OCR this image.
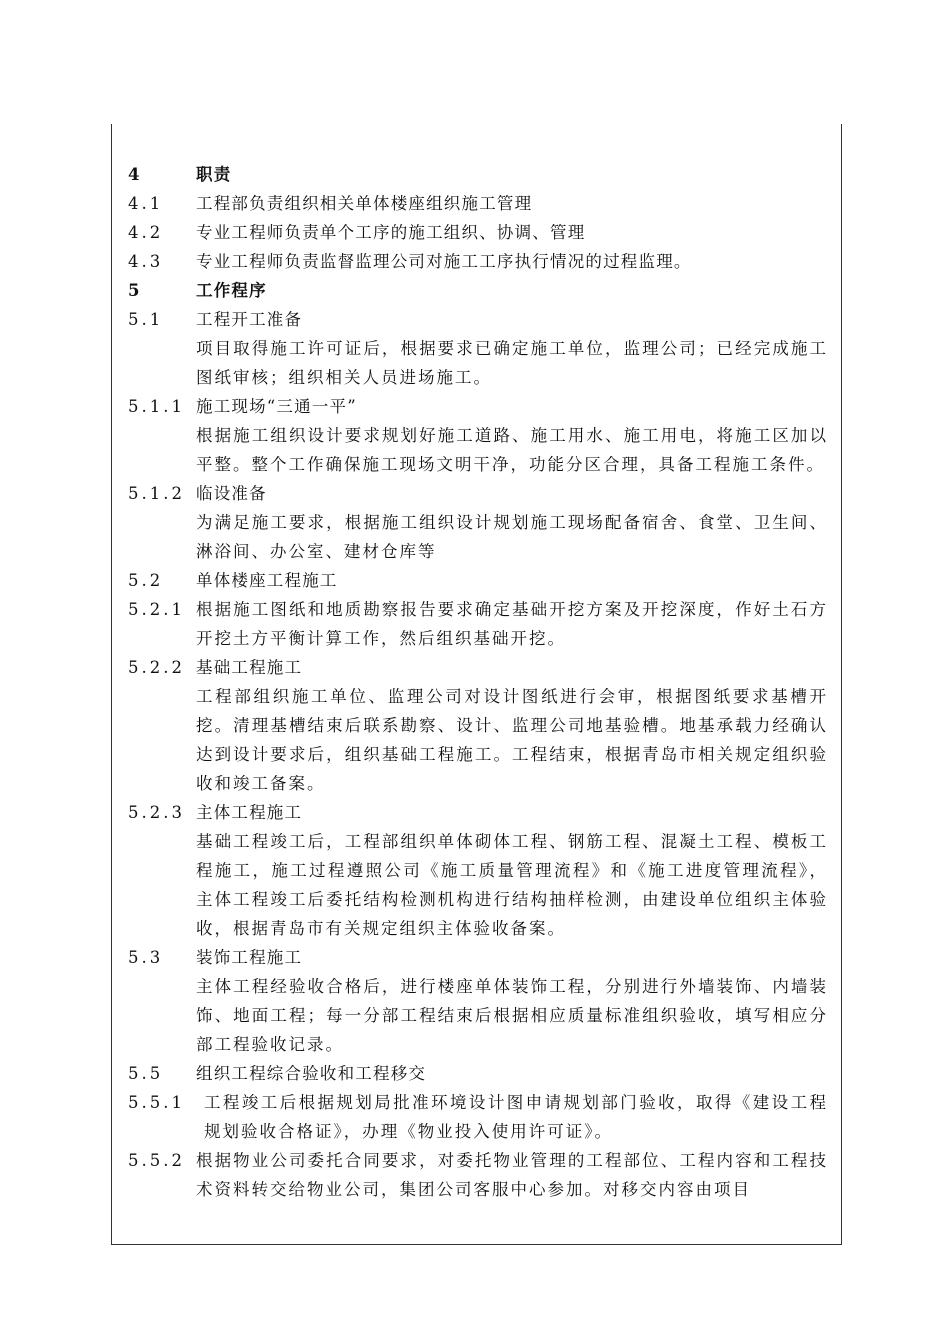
4	职责
4.1	工程部负责组织相关单体楼座组织施工管理
4.2	专业工程师负责单个工序的施工组织、协调、管理
4.3	专业工程师负责监督监理公司对施工工序执行情况的过程监理。
5	工作程序
5.1	工程开工准备
项目取得施工许可证后，根据要求已确定施工单位，监理公司；已经完成施工图纸审核；组织相关人员进场施工。
5.1.1 施工现场“三通一平”
根据施工组织设计要求规划好施工道路、施工用水、施工用电，将施工区加以平整。整个工作确保施工现场文明干净，功能分区合理，具备工程施工条件。
5.1.2 临设准备
为满足施工要求，根据施工组织设计规划施工现场配备宿舍、食堂、卫生间、淋浴间、办公室、建材仓库等
5.2	单体楼座工程施工
5.2.1 根据施工图纸和地质勘察报告要求确定基础开挖方案及开挖深度，作好土石方开挖土方平衡计算工作，然后组织基础开挖。
5.2.2 基础工程施工
工程部组织施工单位、监理公司对设计图纸进行会审，根据图纸要求基槽开挖。清理基槽结束后联系勘察、设计、监理公司地基验槽。地基承载力经确认达到设计要求后，组织基础工程施工。工程结束，根据青岛市相关规定组织验收和竣工备案。
5.2.3 主体工程施工
基础工程竣工后，工程部组织单体砌体工程、钢筋工程、混凝土工程、模板工程施工，施工过程遵照公司《施工质量管理流程》和《施工进度管理流程》，主体工程竣工后委托结构检测机构进行结构抽样检测，由建设单位组织主体验收，根据青岛市有关规定组织主体验收备案。
5.3	装饰工程施工
主体工程经验收合格后，进行楼座单体装饰工程，分别进行外墙装饰、内墙装饰、地面工程；每一分部工程结束后根据相应质量标准组织验收，填写相应分部工程验收记录。
5.5	组织工程综合验收和工程移交
5.5.1	工程竣工后根据规划局批准环境设计图申请规划部门验收，取得《建设工程规划验收合格证》，办理《物业投入使用许可证》。
5.5.2 根据物业公司委托合同要求，对委托物业管理的工程部位、工程内容和工程技术资料转交给物业公司，集团公司客服中心参加。对移交内容由项目
